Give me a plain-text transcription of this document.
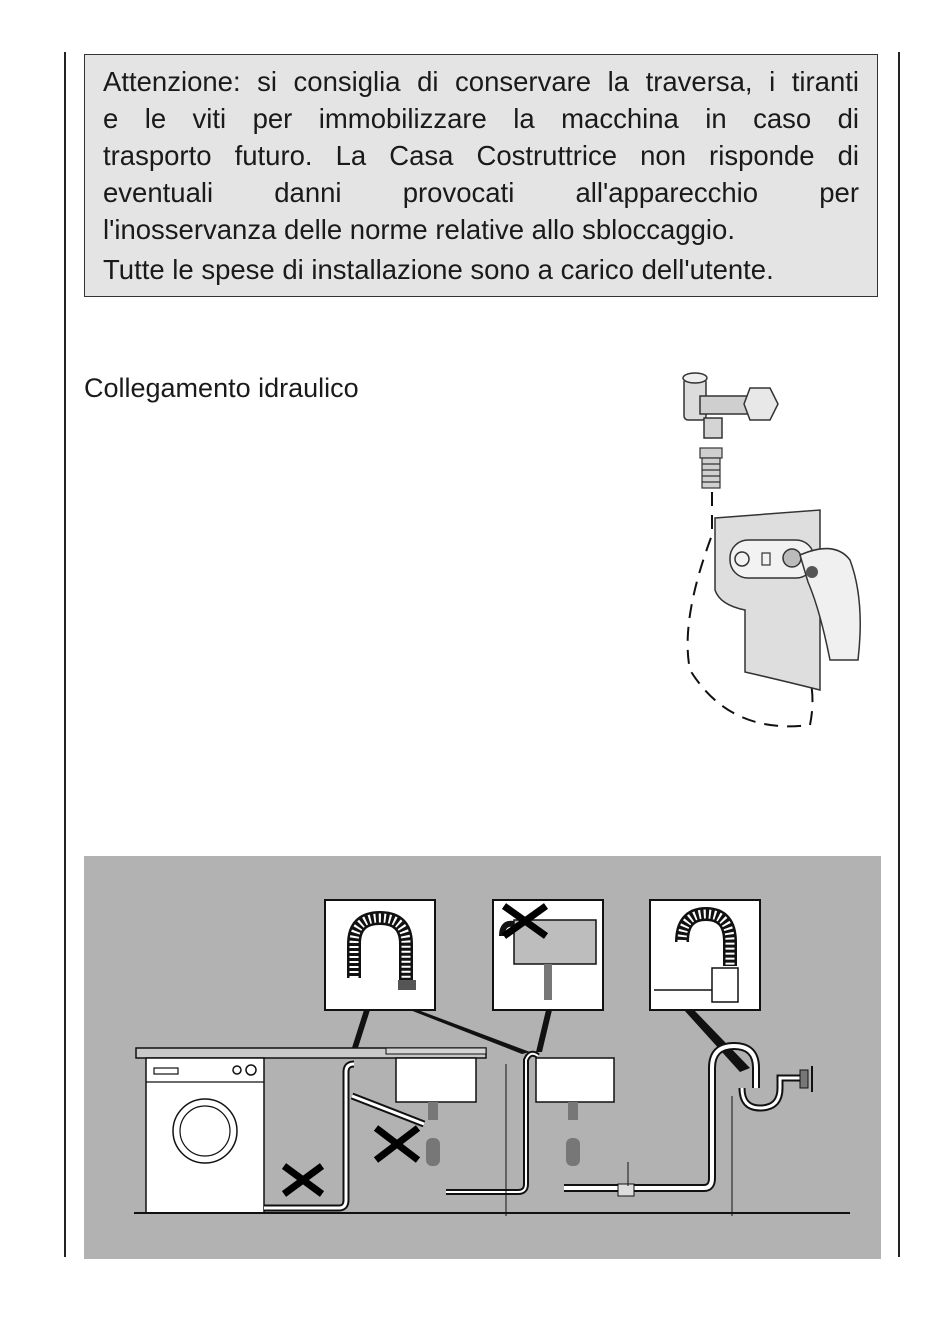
Attenzione: si consiglia di conservare la traversa, i tiranti
e le viti per immobilizzare la macchina in caso di
trasporto futuro. La Casa Costruttrice non risponde di
eventuali danni provocati all'apparecchio per
l'inosservanza delle norme relative allo sbloccaggio.
Tutte le spese di installazione sono a carico dell'utente.
Collegamento idraulico
